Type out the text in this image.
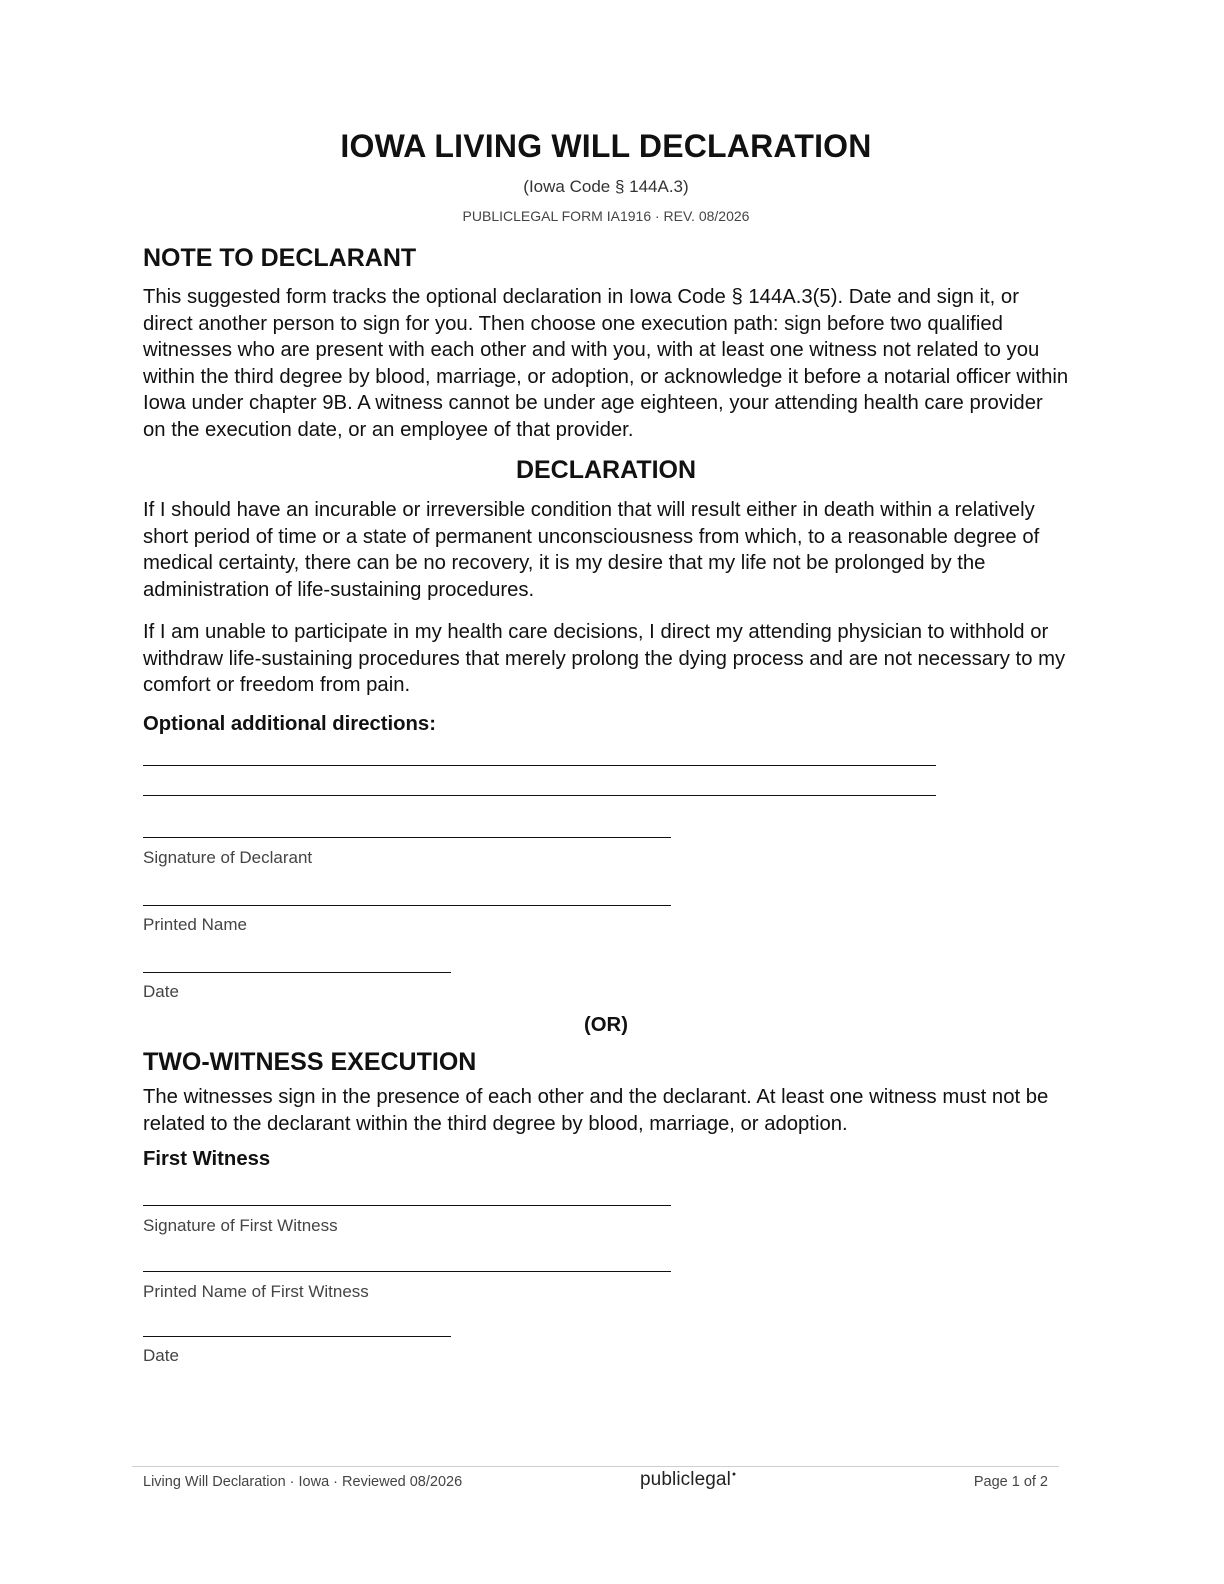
IOWA LIVING WILL DECLARATION
(Iowa Code § 144A.3)
PUBLICLEGAL FORM IA1916 · REV. 08/2026
NOTE TO DECLARANT
This suggested form tracks the optional declaration in Iowa Code § 144A.3(5). Date and sign it, or direct another person to sign for you. Then choose one execution path: sign before two qualified witnesses who are present with each other and with you, with at least one witness not related to you within the third degree by blood, marriage, or adoption, or acknowledge it before a notarial officer within Iowa under chapter 9B. A witness cannot be under age eighteen, your attending health care provider on the execution date, or an employee of that provider.
DECLARATION
If I should have an incurable or irreversible condition that will result either in death within a relatively short period of time or a state of permanent unconsciousness from which, to a reasonable degree of medical certainty, there can be no recovery, it is my desire that my life not be prolonged by the administration of life-sustaining procedures.
If I am unable to participate in my health care decisions, I direct my attending physician to withhold or withdraw life-sustaining procedures that merely prolong the dying process and are not necessary to my comfort or freedom from pain.
Optional additional directions:
Signature of Declarant
Printed Name
Date
(OR)
TWO-WITNESS EXECUTION
The witnesses sign in the presence of each other and the declarant. At least one witness must not be related to the declarant within the third degree by blood, marriage, or adoption.
First Witness
Signature of First Witness
Printed Name of First Witness
Date
Living Will Declaration · Iowa · Reviewed 08/2026	publiclegal●	Page 1 of 2
